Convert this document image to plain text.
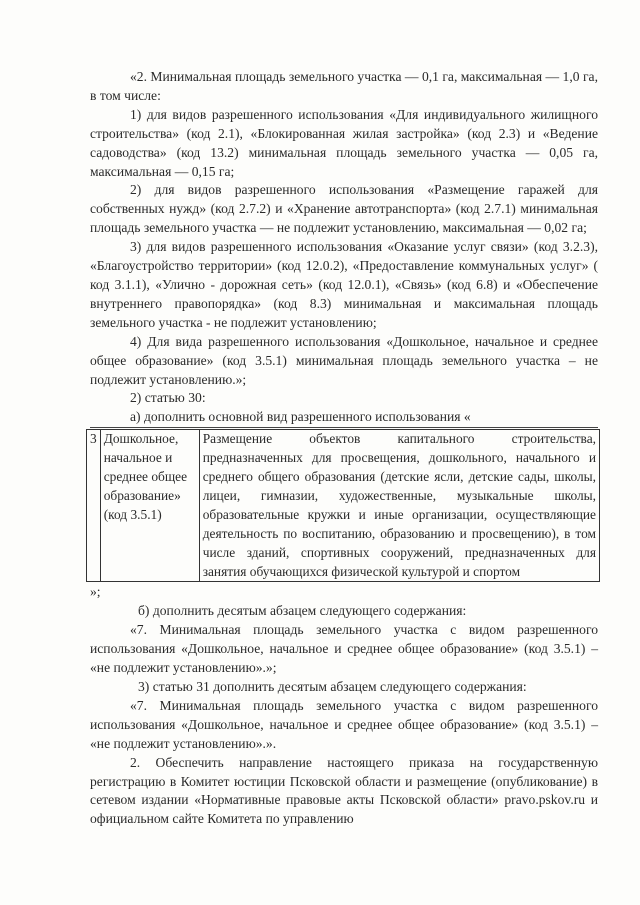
«2. Минимальная площадь земельного участка — 0,1 га, максимальная — 1,0 га, в том числе:

1) для видов разрешенного использования «Для индивидуального жилищного строительства» (код 2.1), «Блокированная жилая застройка» (код 2.3) и «Ведение садоводства» (код 13.2) минимальная площадь земельного участка — 0,05 га, максимальная — 0,15 га;

2) для видов разрешенного использования «Размещение гаражей для собственных нужд» (код 2.7.2) и «Хранение автотранспорта» (код 2.7.1) минимальная площадь земельного участка — не подлежит установлению, максимальная — 0,02 га;

3) для видов разрешенного использования «Оказание услуг связи» (код 3.2.3), «Благоустройство территории» (код 12.0.2), «Предоставление коммунальных услуг» ( код 3.1.1), «Улично - дорожная сеть» (код 12.0.1), «Связь» (код 6.8) и «Обеспечение внутреннего правопорядка» (код 8.3) минимальная и максимальная площадь земельного участка - не подлежит установлению;

4) Для вида разрешенного использования «Дошкольное, начальное и среднее общее образование» (код 3.5.1) минимальная площадь земельного участка – не подлежит установлению.»;

2) статью 30:

а) дополнить основной вид разрешенного использования «

3	Дошкольное, начальное и среднее общее образование» (код 3.5.1)	Размещение объектов капитального строительства, предназначенных для просвещения, дошкольного, начального и среднего общего образования (детские ясли, детские сады, школы, лицеи, гимназии, художественные, музыкальные школы, образовательные кружки и иные организации, осуществляющие деятельность по воспитанию, образованию и просвещению), в том числе зданий, спортивных сооружений, предназначенных для занятия обучающихся физической культурой и спортом

»;

б) дополнить десятым абзацем следующего содержания:

«7. Минимальная площадь земельного участка с видом разрешенного использования «Дошкольное, начальное и среднее общее образование» (код 3.5.1) – «не подлежит установлению».»;

3) статью 31 дополнить десятым абзацем следующего содержания:

«7. Минимальная площадь земельного участка с видом разрешенного использования «Дошкольное, начальное и среднее общее образование» (код 3.5.1) – «не подлежит установлению».».

2. Обеспечить направление настоящего приказа на государственную регистрацию в Комитет юстиции Псковской области и размещение (опубликование) в сетевом издании «Нормативные правовые акты Псковской области» pravo.pskov.ru и официальном сайте Комитета по управлению
